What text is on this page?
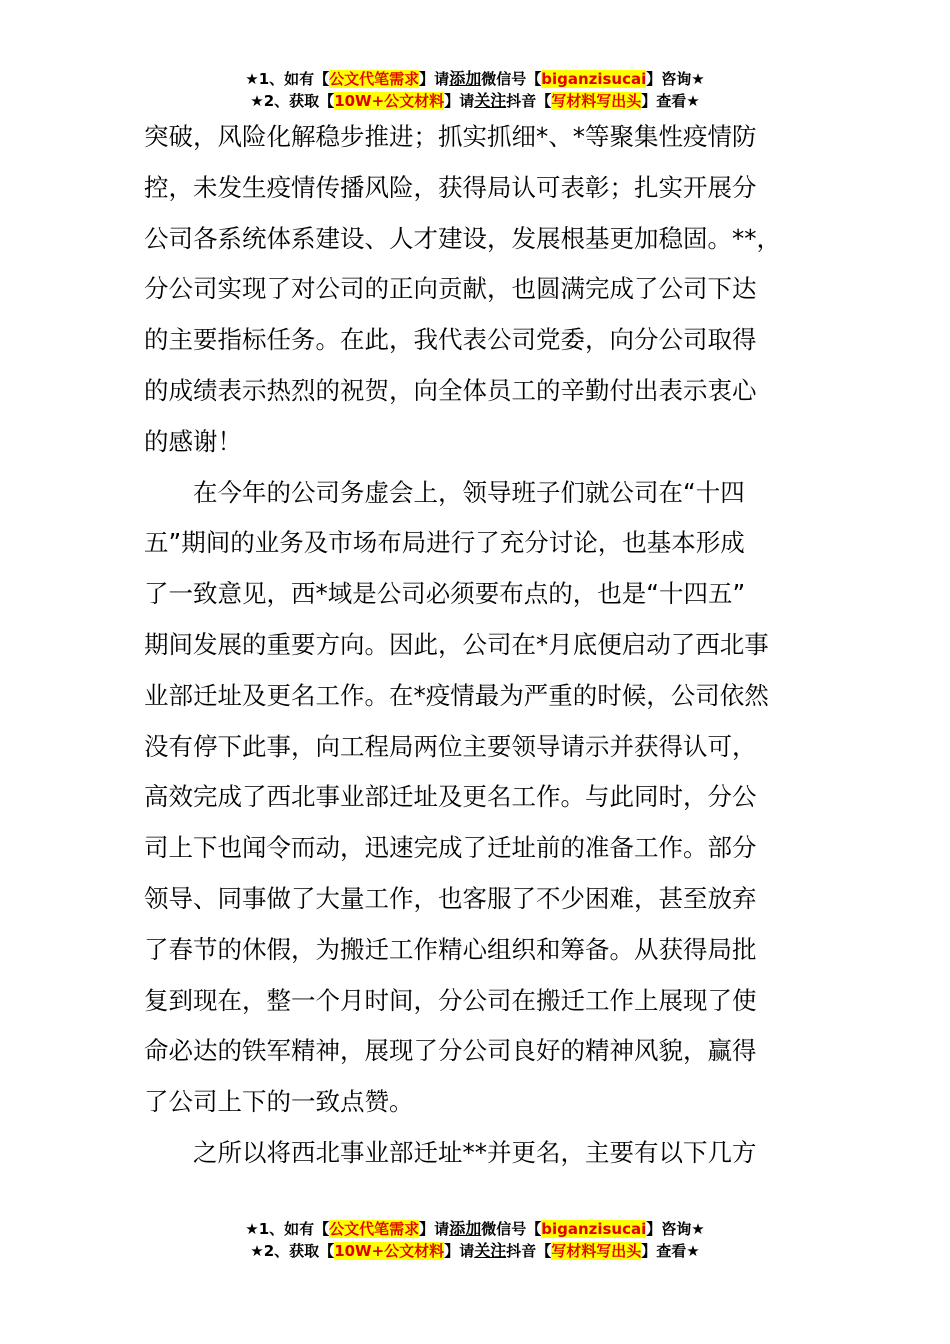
★1、如有【公文代笔需求】请添加微信号【biganzisucai】咨询★
★2、获取【10W+公文材料】请关注抖音【写材料写出头】查看★
突破，风险化解稳步推进；抓实抓细*、*等聚集性疫情防
控，未发生疫情传播风险，获得局认可表彰；扎实开展分
公司各系统体系建设、人才建设，发展根基更加稳固。**，
分公司实现了对公司的正向贡献，也圆满完成了公司下达
的主要指标任务。在此，我代表公司党委，向分公司取得
的成绩表示热烈的祝贺，向全体员工的辛勤付出表示衷心
的感谢！
　　在今年的公司务虚会上，领导班子们就公司在“十四
五”期间的业务及市场布局进行了充分讨论，也基本形成
了一致意见，西*域是公司必须要布点的，也是“十四五”
期间发展的重要方向。因此，公司在*月底便启动了西北事
业部迁址及更名工作。在*疫情最为严重的时候，公司依然
没有停下此事，向工程局两位主要领导请示并获得认可，
高效完成了西北事业部迁址及更名工作。与此同时，分公
司上下也闻令而动，迅速完成了迁址前的准备工作。部分
领导、同事做了大量工作，也客服了不少困难，甚至放弃
了春节的休假，为搬迁工作精心组织和筹备。从获得局批
复到现在，整一个月时间，分公司在搬迁工作上展现了使
命必达的铁军精神，展现了分公司良好的精神风貌，赢得
了公司上下的一致点赞。
　　之所以将西北事业部迁址**并更名，主要有以下几方
★1、如有【公文代笔需求】请添加微信号【biganzisucai】咨询★
★2、获取【10W+公文材料】请关注抖音【写材料写出头】查看★
